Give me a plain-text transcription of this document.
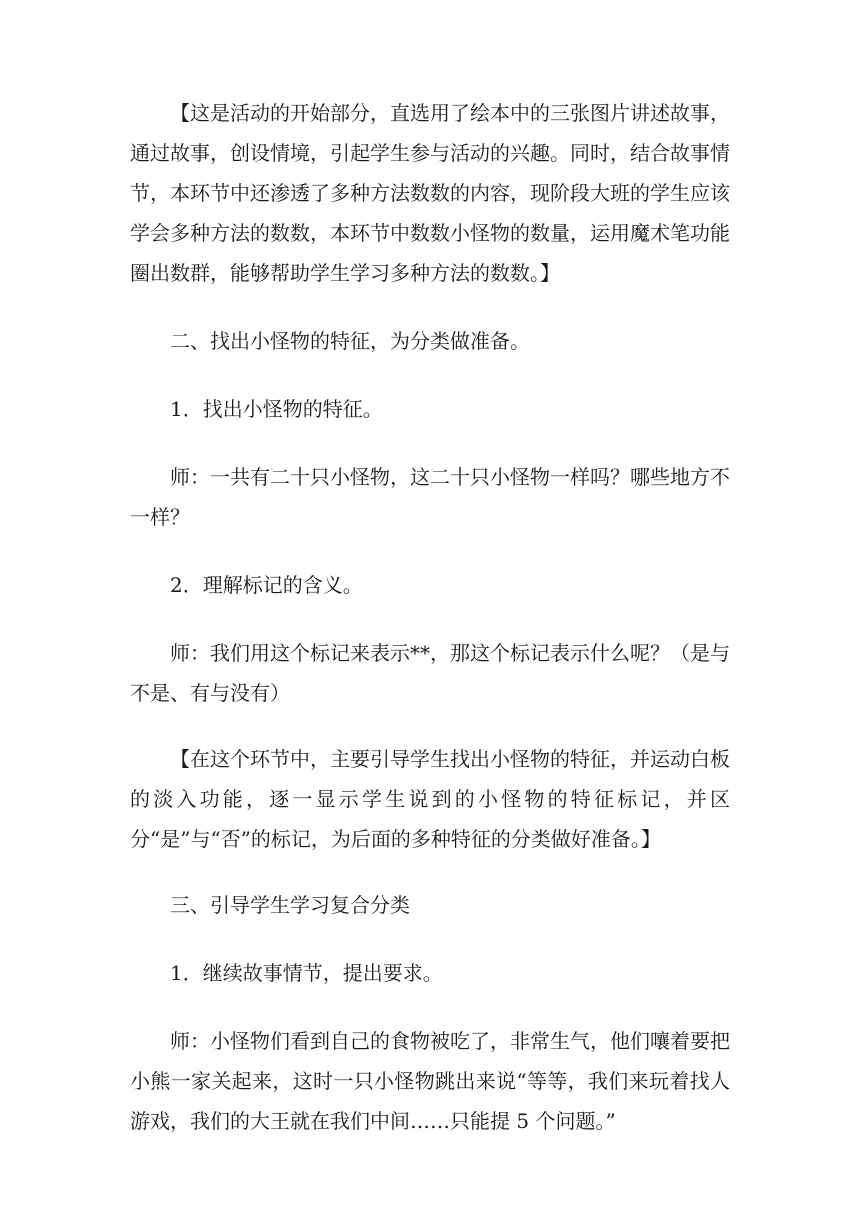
【这是活动的开始部分，直选用了绘本中的三张图片讲述故事，通过故事，创设情境，引起学生参与活动的兴趣。同时，结合故事情节，本环节中还渗透了多种方法数数的内容，现阶段大班的学生应该学会多种方法的数数，本环节中数数小怪物的数量，运用魔术笔功能圈出数群，能够帮助学生学习多种方法的数数。】

二、找出小怪物的特征，为分类做准备。

1．找出小怪物的特征。

师：一共有二十只小怪物，这二十只小怪物一样吗？哪些地方不一样？

2．理解标记的含义。

师：我们用这个标记来表示**，那这个标记表示什么呢？（是与不是、有与没有）

【在这个环节中，主要引导学生找出小怪物的特征，并运动白板的淡入功能，逐一显示学生说到的小怪物的特征标记，并区分“是”与“否”的标记，为后面的多种特征的分类做好准备。】

三、引导学生学习复合分类

1．继续故事情节，提出要求。

师：小怪物们看到自己的食物被吃了，非常生气，他们嚷着要把小熊一家关起来，这时一只小怪物跳出来说“等等，我们来玩着找人游戏，我们的大王就在我们中间……只能提 5 个问题。”
